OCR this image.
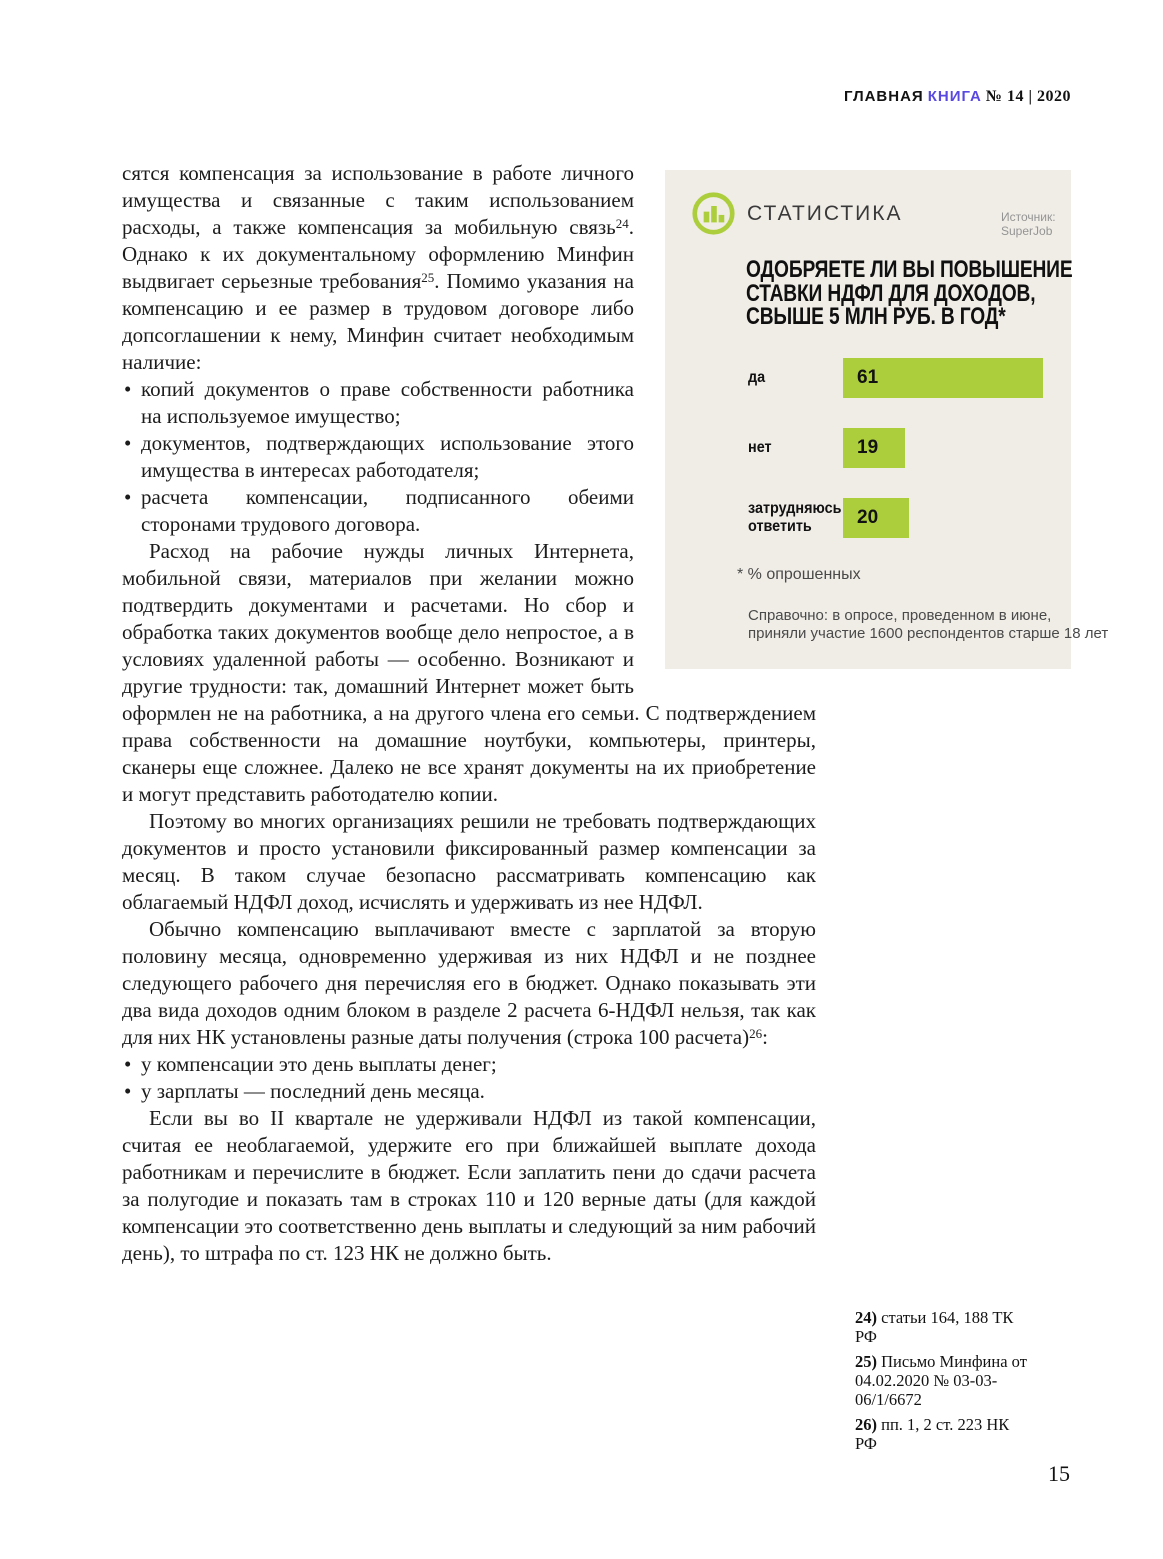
ГЛАВНАЯ КНИГА № 14 | 2020

сятся компенсация за использование в работе личного имущества и связанные с таким использованием расходы, а также компенсация за мобильную связь$^{24}$. Однако к их документальному оформлению Минфин выдвигает серьезные требования$^{25}$. Помимо указания на компенсацию и ее размер в трудовом договоре либо допсоглашении к нему, Минфин считает необходимым наличие:

• копий документов о праве собственности работника на используемое имущество;
• документов, подтверждающих использование этого имущества в интересах работодателя;
• расчета компенсации, подписанного обеими сторонами трудового договора.

Расход на рабочие нужды личных Интернета, мобильной связи, материалов при желании можно подтвердить документами и расчетами. Но сбор и обработка таких документов вообще дело непростое, а в условиях удаленной работы — особенно. Возникают и другие трудности: так, домашний Интернет может быть оформлен не на работника, а на другого члена его семьи. С подтверждением права собственности на домашние ноутбуки, компьютеры, принтеры, сканеры еще сложнее. Далеко не все хранят документы на их приобретение и могут представить работодателю копии.

Поэтому во многих организациях решили не требовать подтверждающих документов и просто установили фиксированный размер компенсации за месяц. В таком случае безопасно рассматривать компенсацию как облагаемый НДФЛ доход, исчислять и удерживать из нее НДФЛ.

Обычно компенсацию выплачивают вместе с зарплатой за вторую половину месяца, одновременно удерживая из них НДФЛ и не позднее следующего рабочего дня перечисляя его в бюджет. Однако показывать эти два вида доходов одним блоком в разделе 2 расчета 6-НДФЛ нельзя, так как для них НК установлены разные даты получения (строка 100 расчета)$^{26}$:

• у компенсации это день выплаты денег;
• у зарплаты — последний день месяца.

Если вы во II квартале не удерживали НДФЛ из такой компенсации, считая ее необлагаемой, удержите его при ближайшей выплате дохода работникам и перечислите в бюджет. Если заплатить пени до сдачи расчета за полугодие и показать там в строках 110 и 120 верные даты (для каждой компенсации это соответственно день выплаты и следующий за ним рабочий день), то штрафа по ст. 123 НК не должно быть.

СТАТИСТИКА	Источник:
SuperJob
ОДОБРЯЕТЕ ЛИ ВЫ ПОВЫШЕНИЕ
СТАВКИ НДФЛ ДЛЯ ДОХОДОВ,
СВЫШЕ 5 МЛН РУБ. В ГОД*
да	61
нет	19
затрудняюсь ответить	20
* % опрошенных
Справочно: в опросе, проведенном в июне,
приняли участие 1600 респондентов старше 18 лет
24) статьи 164, 188 ТК РФ
25) Письмо Минфина от 04.02.2020 № 03-03-06/1/6672
26) пп. 1, 2 ст. 223 НК РФ
15
